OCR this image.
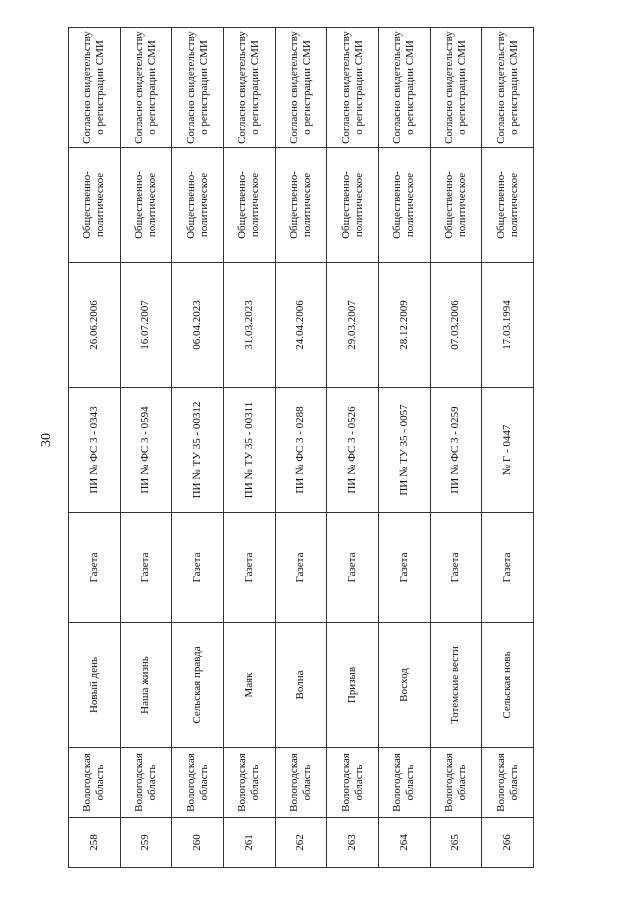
30
258	Вологодская область	Новый день	Газета	ПИ № ФС 3 - 0343	26.06.2006	Общественно-политическое	Согласно свидетельству о регистрации СМИ
259	Вологодская область	Наша жизнь	Газета	ПИ № ФС 3 - 0594	16.07.2007	Общественно-политическое	Согласно свидетельству о регистрации СМИ
260	Вологодская область	Сельская правда	Газета	ПИ № ТУ 35 - 00312	06.04.2023	Общественно-политическое	Согласно свидетельству о регистрации СМИ
261	Вологодская область	Маяк	Газета	ПИ № ТУ 35 - 00311	31.03.2023	Общественно-политическое	Согласно свидетельству о регистрации СМИ
262	Вологодская область	Волна	Газета	ПИ № ФС 3 - 0288	24.04.2006	Общественно-политическое	Согласно свидетельству о регистрации СМИ
263	Вологодская область	Призыв	Газета	ПИ № ФС 3 - 0526	29.03.2007	Общественно-политическое	Согласно свидетельству о регистрации СМИ
264	Вологодская область	Восход	Газета	ПИ № ТУ 35 - 0057	28.12.2009	Общественно-политическое	Согласно свидетельству о регистрации СМИ
265	Вологодская область	Тотемские вести	Газета	ПИ № ФС 3 - 0259	07.03.2006	Общественно-политическое	Согласно свидетельству о регистрации СМИ
266	Вологодская область	Сельская новь	Газета	№ Г - 0447	17.03.1994	Общественно-политическое	Согласно свидетельству о регистрации СМИ
